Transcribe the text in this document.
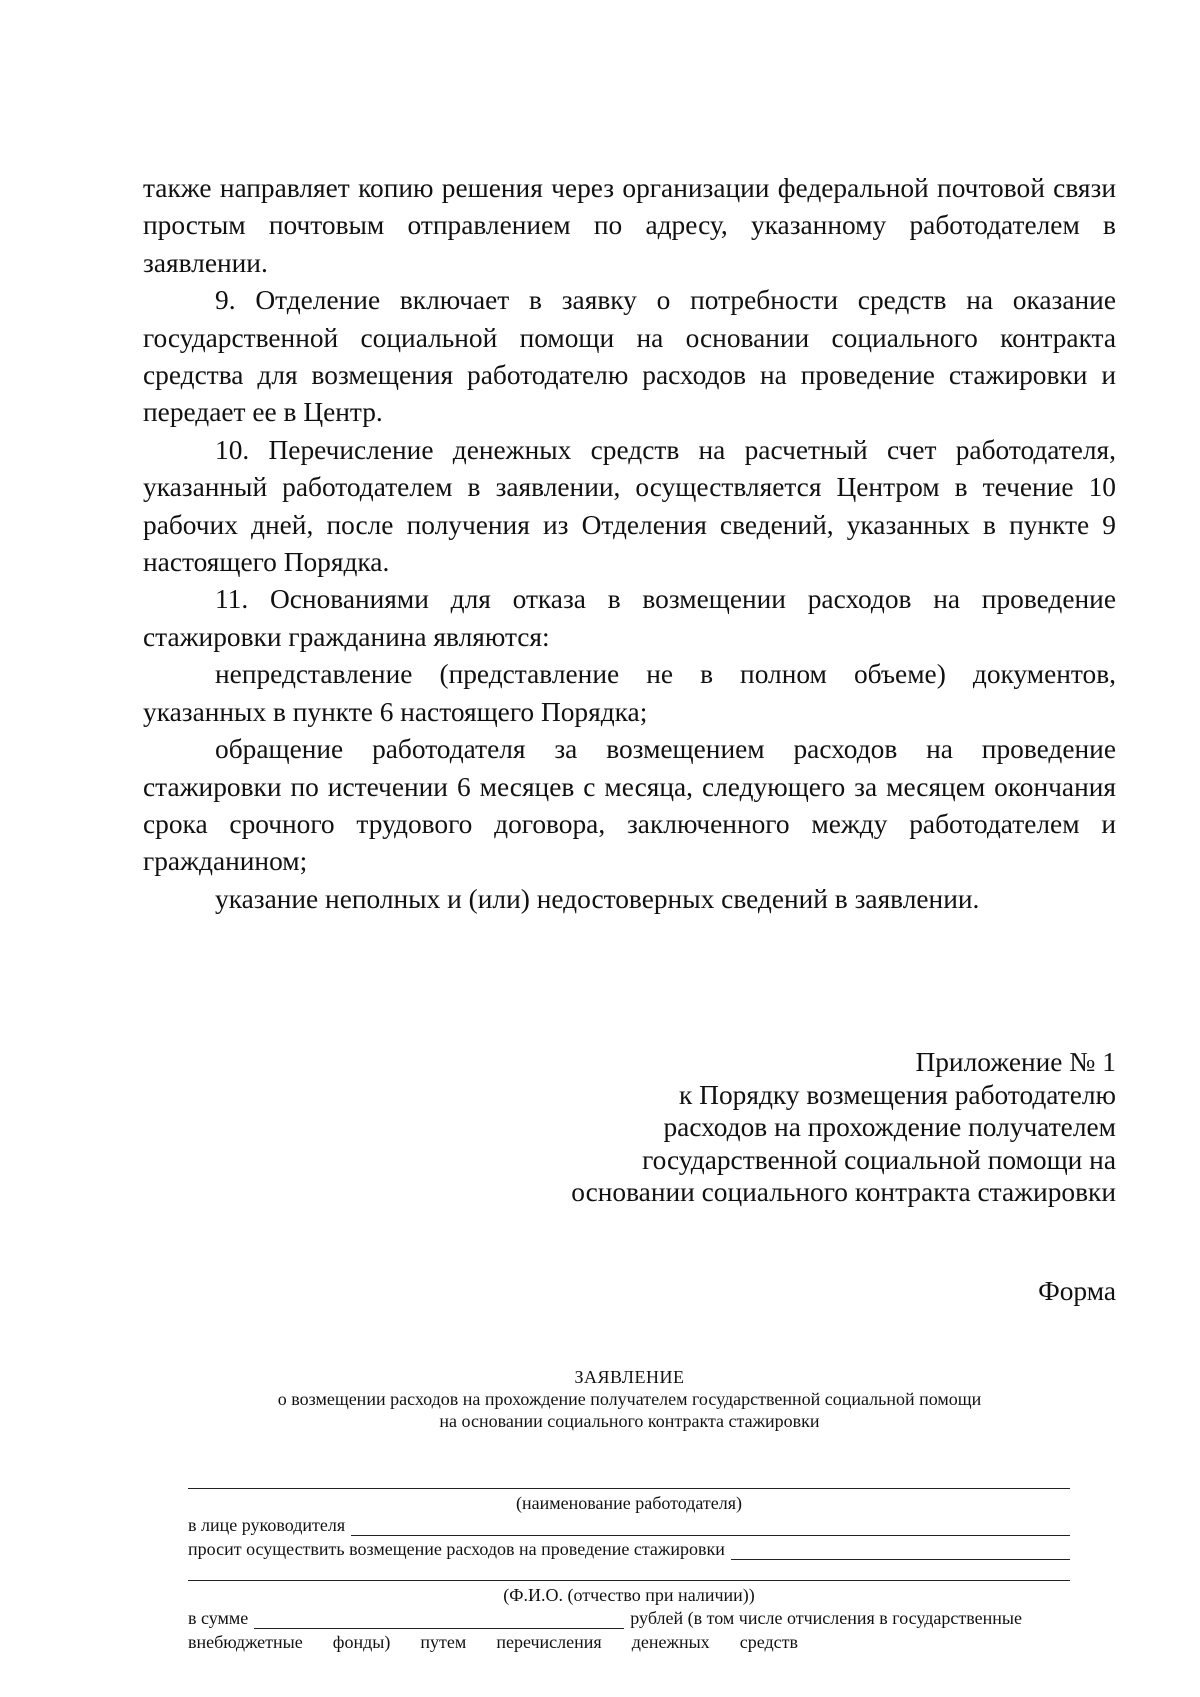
также направляет копию решения через организации федеральной почтовой связи простым почтовым отправлением по адресу, указанному работодателем в заявлении.

9. Отделение включает в заявку о потребности средств на оказание государственной социальной помощи на основании социального контракта средства для возмещения работодателю расходов на проведение стажировки и передает ее в Центр.

10. Перечисление денежных средств на расчетный счет работодателя, указанный работодателем в заявлении, осуществляется Центром в течение 10 рабочих дней, после получения из Отделения сведений, указанных в пункте 9 настоящего Порядка.

11. Основаниями для отказа в возмещении расходов на проведение стажировки гражданина являются:

непредставление (представление не в полном объеме) документов, указанных в пункте 6 настоящего Порядка;

обращение работодателя за возмещением расходов на проведение стажировки по истечении 6 месяцев с месяца, следующего за месяцем окончания срока срочного трудового договора, заключенного между работодателем и гражданином;

указание неполных и (или) недостоверных сведений в заявлении.

Приложение № 1
к Порядку возмещения работодателю
расходов на прохождение получателем
государственной социальной помощи на
основании социального контракта стажировки
Форма
ЗАЯВЛЕНИЕ
о возмещении расходов на прохождение получателем государственной социальной помощи
на основании социального контракта стажировки
(наименование работодателя)
в лице руководителя
просит осуществить возмещение расходов на проведение стажировки
(Ф.И.О. (отчество при наличии))
в сумме	рублей (в том числе отчисления в государственные
внебюджетные фонды) путем перечисления денежных средств
